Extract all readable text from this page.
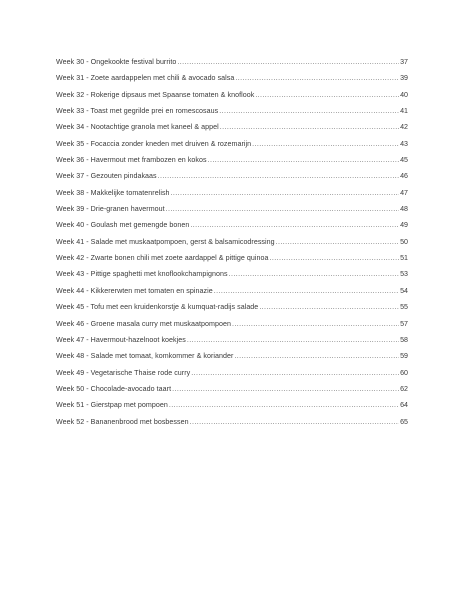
Week 30 - Ongekookte festival burrito .....	37
Week 31 - Zoete aardappelen met chili & avocado salsa .....	39
Week 32 - Rokerige dipsaus met Spaanse tomaten & knoflook .....	40
Week 33 - Toast met gegrilde prei en romescosaus .....	41
Week 34 - Nootachtige granola met kaneel & appel .....	42
Week 35 - Focaccia zonder kneden met druiven & rozemarijn .....	43
Week 36 - Havermout met frambozen en kokos .....	45
Week 37 - Gezouten pindakaas .....	46
Week 38 - Makkelijke tomatenrelish .....	47
Week 39 - Drie-granen havermout .....	48
Week 40 - Goulash met gemengde bonen .....	49
Week 41 - Salade met muskaatpompoen, gerst & balsamicodressing .....	50
Week 42 - Zwarte bonen chili met zoete aardappel & pittige quinoa .....	51
Week 43 - Pittige spaghetti met knoflookchampignons .....	53
Week 44 - Kikkererwten met tomaten en spinazie .....	54
Week 45 - Tofu met een kruidenkorstje & kumquat-radijs salade .....	55
Week 46 - Groene masala curry met muskaatpompoen .....	57
Week 47 - Havermout-hazelnoot koekjes .....	58
Week 48 - Salade met tomaat, komkommer & koriander .....	59
Week 49 - Vegetarische Thaise rode curry .....	60
Week 50 - Chocolade-avocado taart .....	62
Week 51 - Gierstpap met pompoen .....	64
Week 52 - Bananenbrood met bosbessen .....	65
